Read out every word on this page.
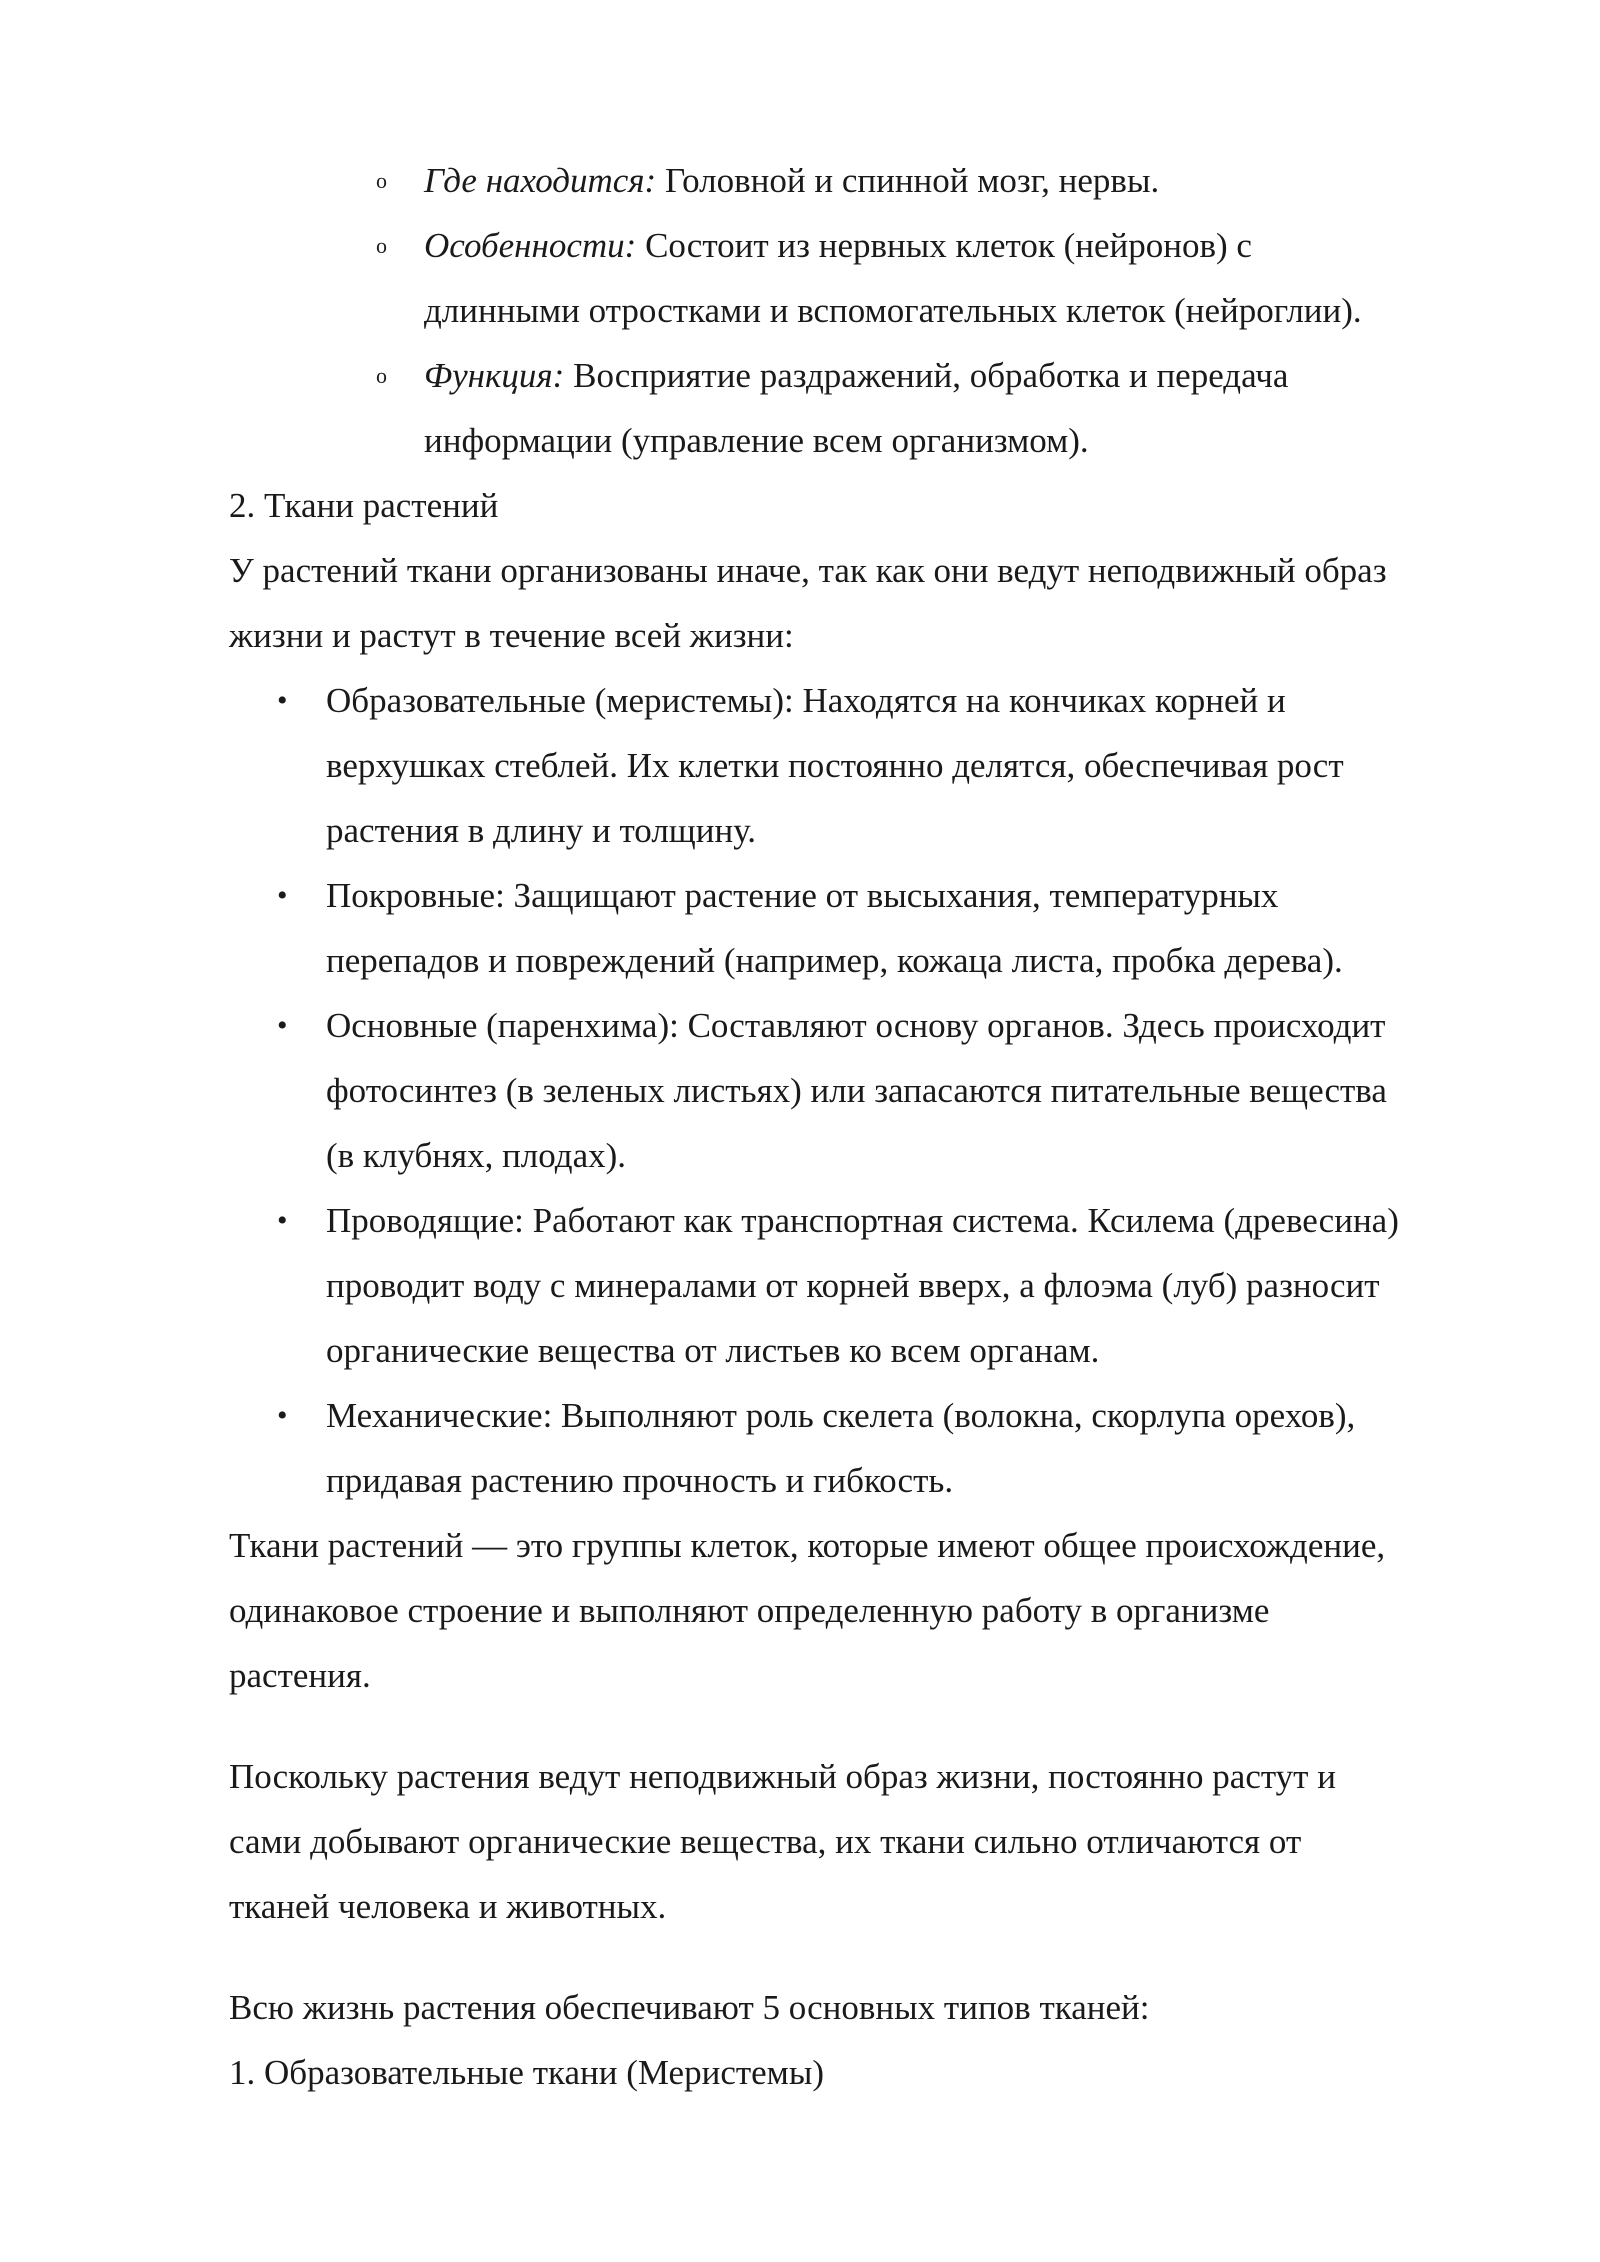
o Где находится: Головной и спинной мозг, нервы.

o Особенности: Состоит из нервных клеток (нейронов) с

длинными отростками и вспомогательных клеток (нейроглии).

o Функция: Восприятие раздражений, обработка и передача

информации (управление всем организмом).

2. Ткани растений

У растений ткани организованы иначе, так как они ведут неподвижный образ

жизни и растут в течение всей жизни:

• Образовательные (меристемы): Находятся на кончиках корней и

верхушках стеблей. Их клетки постоянно делятся, обеспечивая рост

растения в длину и толщину.

• Покровные: Защищают растение от высыхания, температурных

перепадов и повреждений (например, кожаца листа, пробка дерева).

• Основные (паренхима): Составляют основу органов. Здесь происходит

фотосинтез (в зеленых листьях) или запасаются питательные вещества

(в клубнях, плодах).

• Проводящие: Работают как транспортная система. Ксилема (древесина)

проводит воду с минералами от корней вверх, а флоэма (луб) разносит

органические вещества от листьев ко всем органам.

• Механические: Выполняют роль скелета (волокна, скорлупа орехов),

придавая растению прочность и гибкость.

Ткани растений — это группы клеток, которые имеют общее происхождение,

одинаковое строение и выполняют определенную работу в организме

растения.

Поскольку растения ведут неподвижный образ жизни, постоянно растут и

сами добывают органические вещества, их ткани сильно отличаются от

тканей человека и животных.

Всю жизнь растения обеспечивают 5 основных типов тканей:

1. Образовательные ткани (Меристемы)
